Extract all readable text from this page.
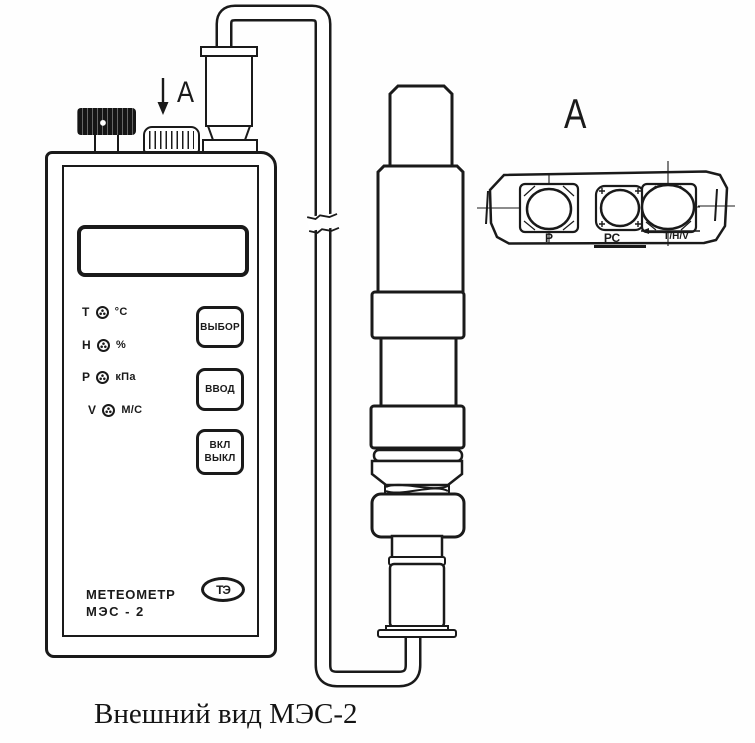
Т °С
Н %
Р кПа
V М/С
ВЫБОР
ВВОД
ВКЛ
ВЫКЛ
МЕТЕОМЕТР
МЭС - 2
ТЭ
А	А
Р	РС	Т/Н/V
Внешний вид МЭС-2
